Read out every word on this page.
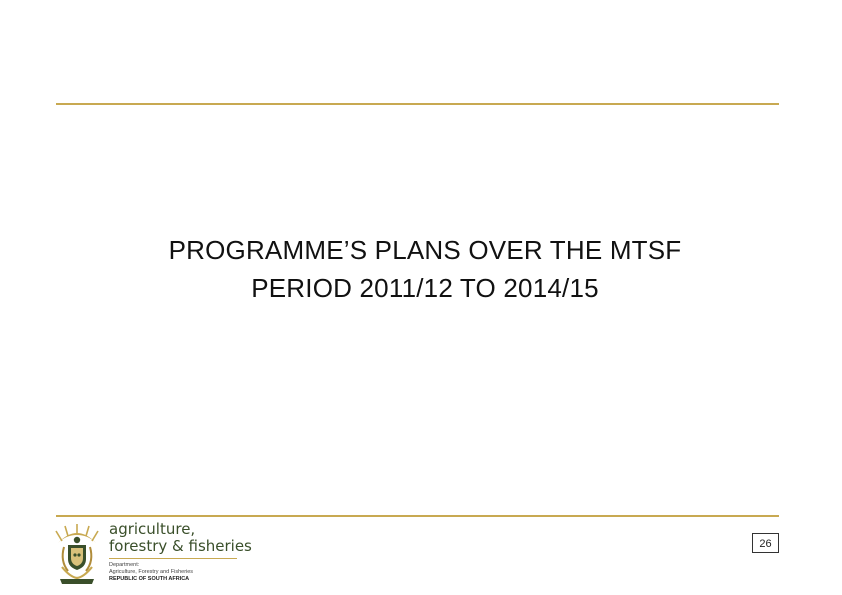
PROGRAMME’S PLANS OVER THE MTSF
PERIOD 2011/12 TO 2014/15
agriculture,
forestry & fisheries
Department:
Agriculture, Forestry and Fisheries
REPUBLIC OF SOUTH AFRICA
26
